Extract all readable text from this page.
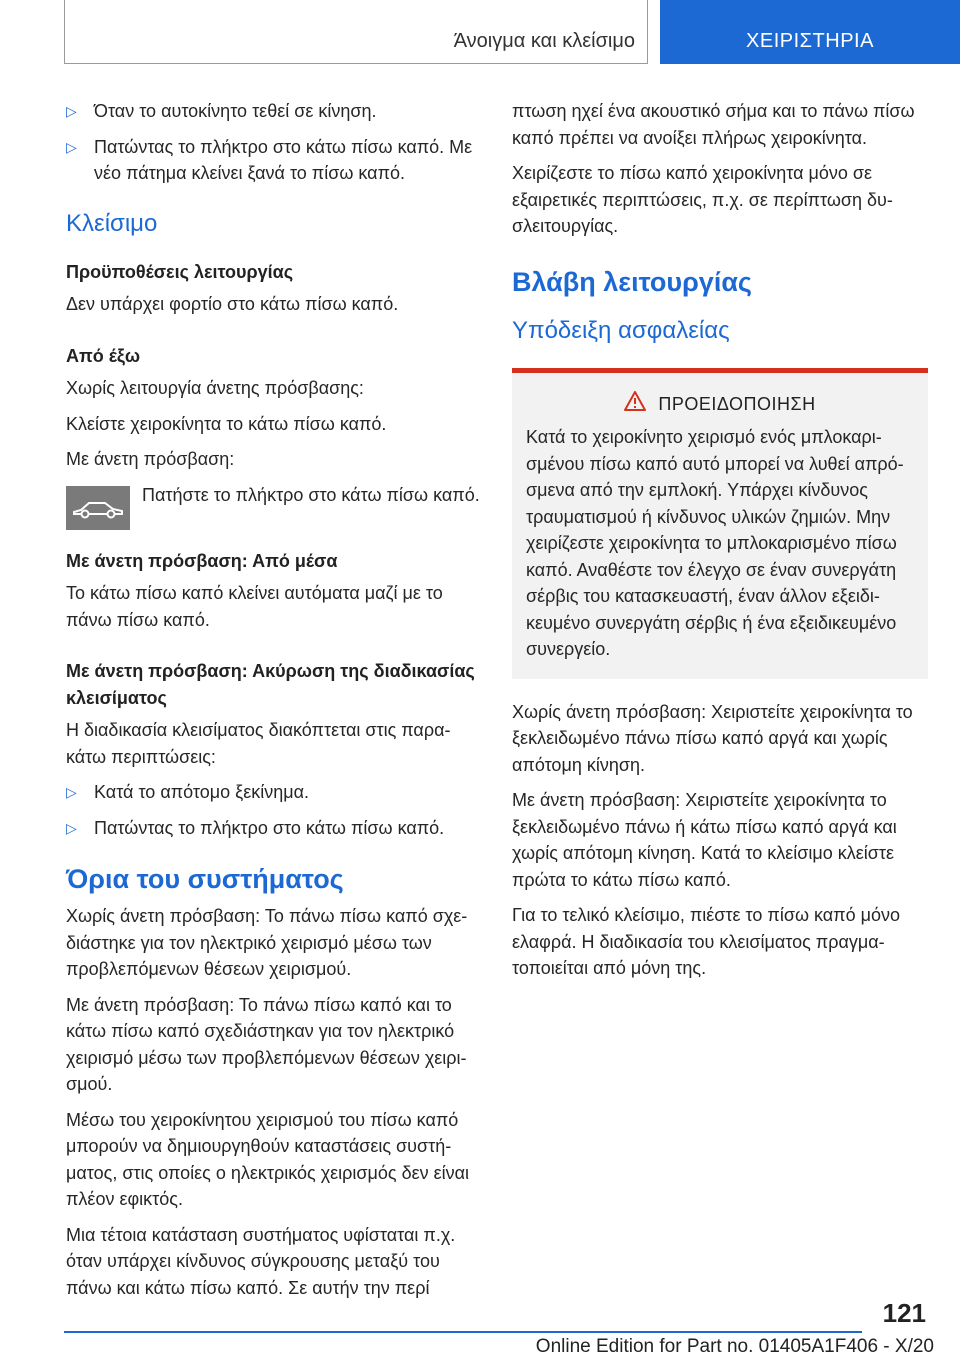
Άνοιγμα και κλείσιμο	ΧΕΙΡΙΣΤΗΡΙΑ
▷ Όταν το αυτοκίνητο τεθεί σε κίνηση.
▷ Πατώντας το πλήκτρο στο κάτω πίσω καπό. Με νέο πάτημα κλείνει ξανά το πίσω καπό.
Κλείσιμο
Προϋποθέσεις λειτουργίας

Δεν υπάρχει φορτίο στο κάτω πίσω καπό.

Από έξω

Χωρίς λειτουργία άνετης πρόσβασης:

Κλείστε χειροκίνητα το κάτω πίσω καπό.

Με άνετη πρόσβαση:

Πατήστε το πλήκτρο στο κάτω πίσω καπό.
Με άνετη πρόσβαση: Από μέσα

Το κάτω πίσω καπό κλείνει αυτόματα μαζί με το πάνω πίσω καπό.

Με άνετη πρόσβαση: Ακύρωση της διαδικασίας κλεισίματος

Η διαδικασία κλεισίματος διακόπτεται στις παρακάτω περιπτώσεις:

▷ Κατά το απότομο ξεκίνημα.
▷ Πατώντας το πλήκτρο στο κάτω πίσω καπό.
Όρια του συστήματος

Χωρίς άνετη πρόσβαση: Το πάνω πίσω καπό σχεδιάστηκε για τον ηλεκτρικό χειρισμό μέσω των προβλεπόμενων θέσεων χειρισμού.

Με άνετη πρόσβαση: Το πάνω πίσω καπό και το κάτω πίσω καπό σχεδιάστηκαν για τον ηλεκτρικό χειρισμό μέσω των προβλεπόμενων θέσεων χειρισμού.

Μέσω του χειροκίνητου χειρισμού του πίσω καπό μπορούν να δημιουργηθούν καταστάσεις συστήματος, στις οποίες ο ηλεκτρικός χειρισμός δεν είναι πλέον εφικτός.

Μια τέτοια κατάσταση συστήματος υφίσταται π.χ. όταν υπάρχει κίνδυνος σύγκρουσης μεταξύ του πάνω και κάτω πίσω καπό. Σε αυτήν την περί

πτωση ηχεί ένα ακουστικό σήμα και το πάνω πίσω καπό πρέπει να ανοίξει πλήρως χειροκίνητα.

Χειρίζεστε το πίσω καπό χειροκίνητα μόνο σε εξαιρετικές περιπτώσεις, π.χ. σε περίπτωση δυσλειτουργίας.

Βλάβη λειτουργίας
Υπόδειξη ασφαλείας
ΠΡΟΕΙΔΟΠΟΙΗΣΗ
Κατά το χειροκίνητο χειρισμό ενός μπλοκαρισμένου πίσω καπό αυτό μπορεί να λυθεί απρόσμενα από την εμπλοκή. Υπάρχει κίνδυνος τραυματισμού ή κίνδυνος υλικών ζημιών. Μην χειρίζεστε χειροκίνητα το μπλοκαρισμένο πίσω καπό. Αναθέστε τον έλεγχο σε έναν συνεργάτη σέρβις του κατασκευαστή, έναν άλλον εξειδικευμένο συνεργάτη σέρβις ή ένα εξειδικευμένο συνεργείο.

Χωρίς άνετη πρόσβαση: Χειριστείτε χειροκίνητα το ξεκλειδωμένο πάνω πίσω καπό αργά και χωρίς απότομη κίνηση.

Με άνετη πρόσβαση: Χειριστείτε χειροκίνητα το ξεκλειδωμένο πάνω ή κάτω πίσω καπό αργά και χωρίς απότομη κίνηση. Κατά το κλείσιμο κλείστε πρώτα το κάτω πίσω καπό.

Για το τελικό κλείσιμο, πιέστε το πίσω καπό μόνο ελαφρά. Η διαδικασία του κλεισίματος πραγματοποιείται από μόνη της.

121
Online Edition for Part no. 01405A1F406 - X/20
